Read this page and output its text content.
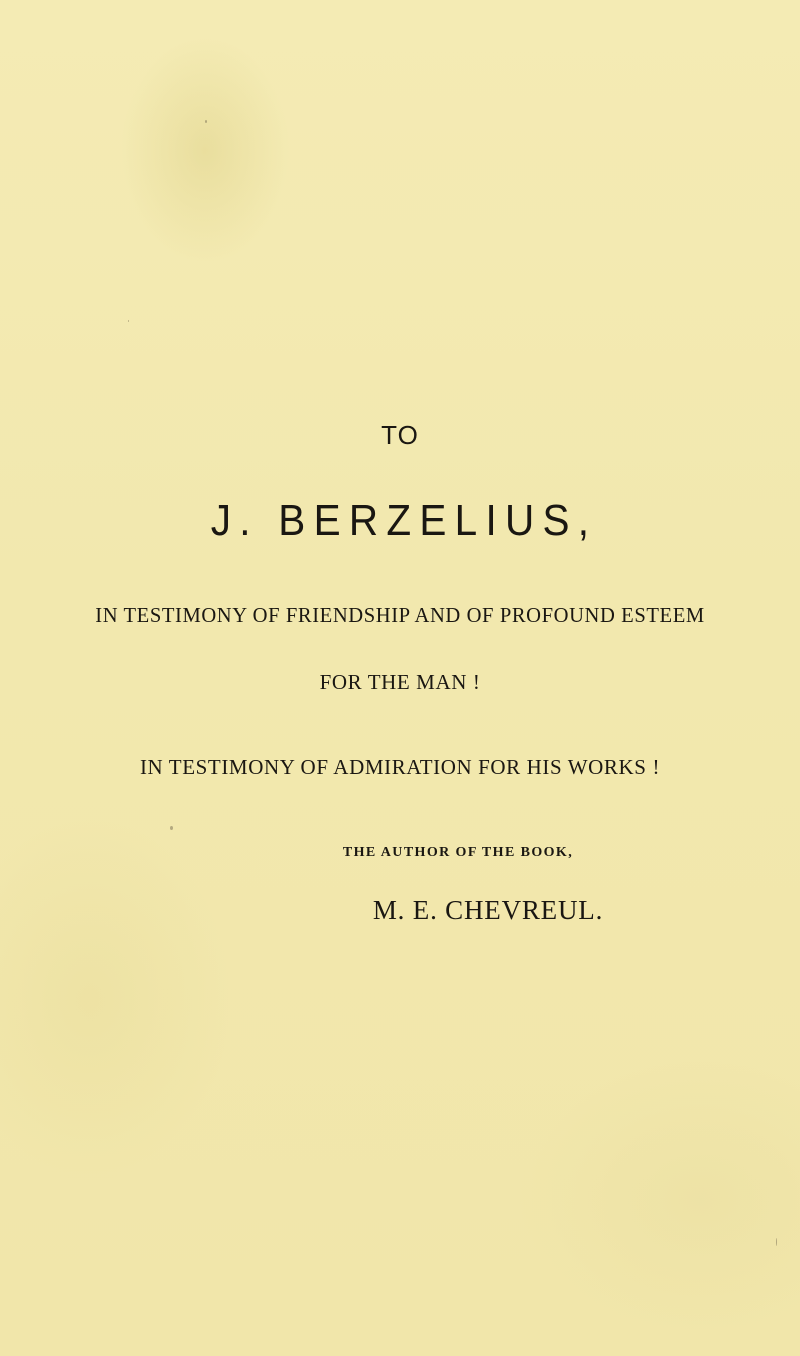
TO
J. BERZELIUS,
IN TESTIMONY OF FRIENDSHIP AND OF PROFOUND ESTEEM
FOR THE MAN !
IN TESTIMONY OF ADMIRATION FOR HIS WORKS !
THE AUTHOR OF THE BOOK,
M. E. CHEVREUL.
